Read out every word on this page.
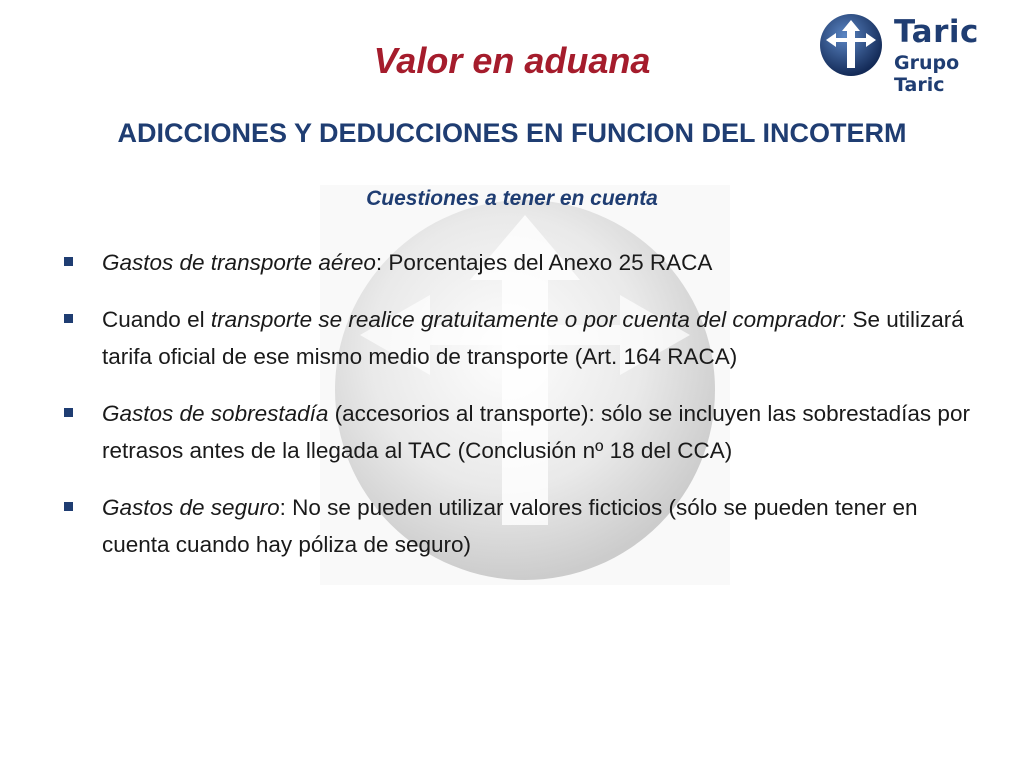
Taric
Grupo Taric
Valor en aduana
ADICCIONES Y DEDUCCIONES EN FUNCION DEL INCOTERM
Cuestiones a tener en cuenta
Gastos de transporte aéreo: Porcentajes del Anexo 25 RACA
Cuando el transporte se realice gratuitamente o por cuenta del comprador: Se utilizará tarifa oficial de ese mismo medio de transporte (Art. 164 RACA)
Gastos de sobrestadía (accesorios al transporte): sólo se incluyen las sobrestadías por retrasos antes de la llegada al TAC (Conclusión nº 18 del CCA)
Gastos de seguro: No se pueden utilizar valores ficticios (sólo se pueden tener en cuenta cuando hay póliza de seguro)
